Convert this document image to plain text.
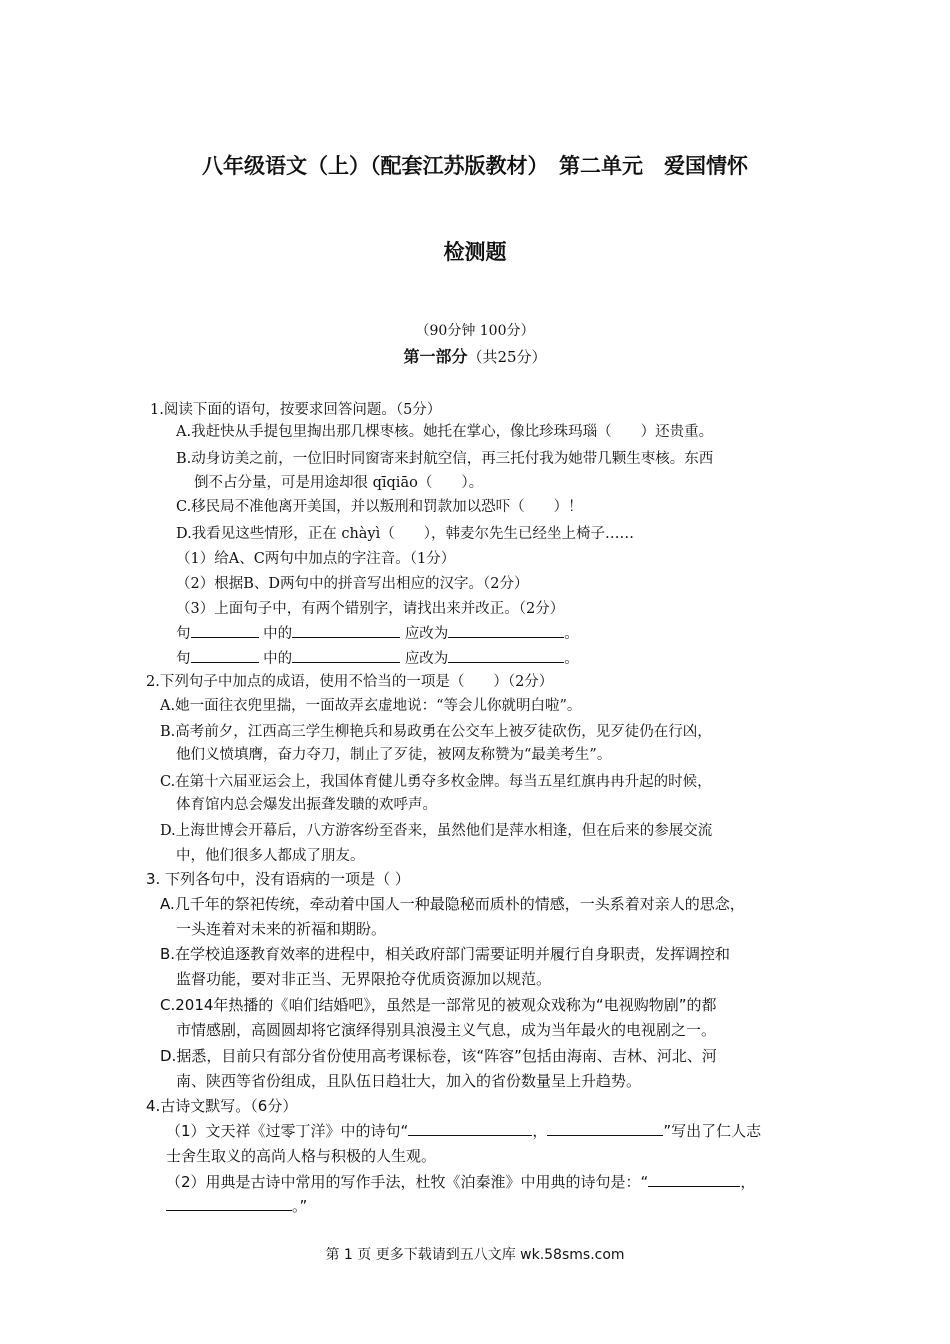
八年级语文（上）（配套江苏版教材）　第二单元　爱国情怀
检测题
（90分钟 100分）
第一部分（共25分）
1.阅读下面的语句，按要求回答问题。（5分）
A.我赶快从手提包里掏出那几棵枣核。她托在掌心，像比珍珠玛瑙（　　）还贵重。
B.动身访美之前，一位旧时同窗寄来封航空信，再三托付我为她带几颗生枣核。东西
倒不占分量，可是用途却很 qīqiāo（　　）。
C.移民局不准他离开美国，并以叛刑和罚款加以恐吓（　　）！
D.我看见这些情形，正在 chàyì（　　），韩麦尔先生已经坐上椅子……
（1）给A、C两句中加点的字注音。（1分）
（2）根据B、D两句中的拼音写出相应的汉字。（2分）
（3）上面句子中，有两个错别字，请找出来并改正。（2分）
句	中的	应改为	。
句	中的	应改为	。
2.下列句子中加点的成语，使用不恰当的一项是（　　）（2分）
A.她一面往衣兜里揣，一面故弄玄虚地说：“等会儿你就明白啦”。
B.高考前夕，江西高三学生柳艳兵和易政勇在公交车上被歹徒砍伤，见歹徒仍在行凶，
他们义愤填膺，奋力夺刀，制止了歹徒，被网友称赞为“最美考生”。
C.在第十六届亚运会上，我国体育健儿勇夺多枚金牌。每当五星红旗冉冉升起的时候，
体育馆内总会爆发出振聋发聩的欢呼声。
D.上海世博会开幕后，八方游客纷至沓来，虽然他们是萍水相逢，但在后来的参展交流
中，他们很多人都成了朋友。
3. 下列各句中，没有语病的一项是（ ）
A.几千年的祭祀传统，牵动着中国人一种最隐秘而质朴的情感，一头系着对亲人的思念，
一头连着对未来的祈福和期盼。
B.在学校追逐教育效率的进程中，相关政府部门需要证明并履行自身职责，发挥调控和
监督功能，要对非正当、无界限抢夺优质资源加以规范。
C.2014年热播的《咱们结婚吧》，虽然是一部常见的被观众戏称为“电视购物剧”的都
市情感剧，高圆圆却将它演绎得别具浪漫主义气息，成为当年最火的电视剧之一。
D.据悉，目前只有部分省份使用高考课标卷，该“阵容”包括由海南、吉林、河北、河
南、陕西等省份组成，且队伍日趋壮大，加入的省份数量呈上升趋势。
4.古诗文默写。（6分）
（1）文天祥《过零丁洋》中的诗句“	，	”写出了仁人志
士舍生取义的高尚人格与积极的人生观。
（2）用典是古诗中常用的写作手法，杜牧《泊秦淮》中用典的诗句是：“	，
。”
第 1 页 更多下载请到五八文库 wk.58sms.com
